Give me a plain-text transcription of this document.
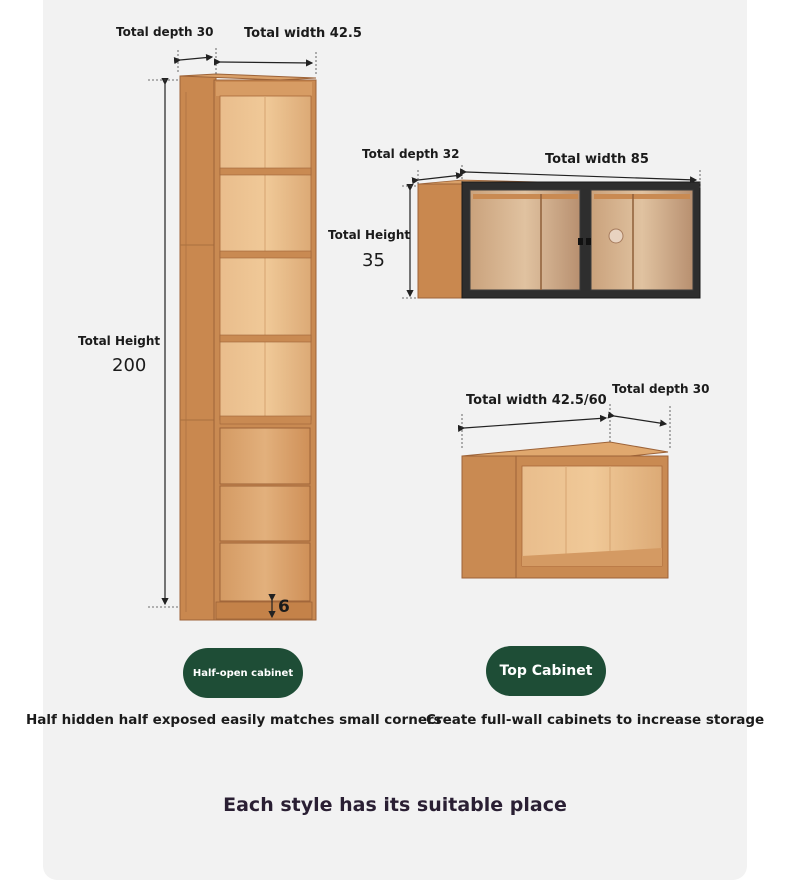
Total depth 30 Total width 42.5
Total Height
200
6
Total depth 32	Total width 85
Total Height
35
Total width 42.5/60
Total depth 30
Half-open cabinet	Top Cabinet
Half hidden half exposed easily matches small corners
Create full-wall cabinets to increase storage
Each style has its suitable place
